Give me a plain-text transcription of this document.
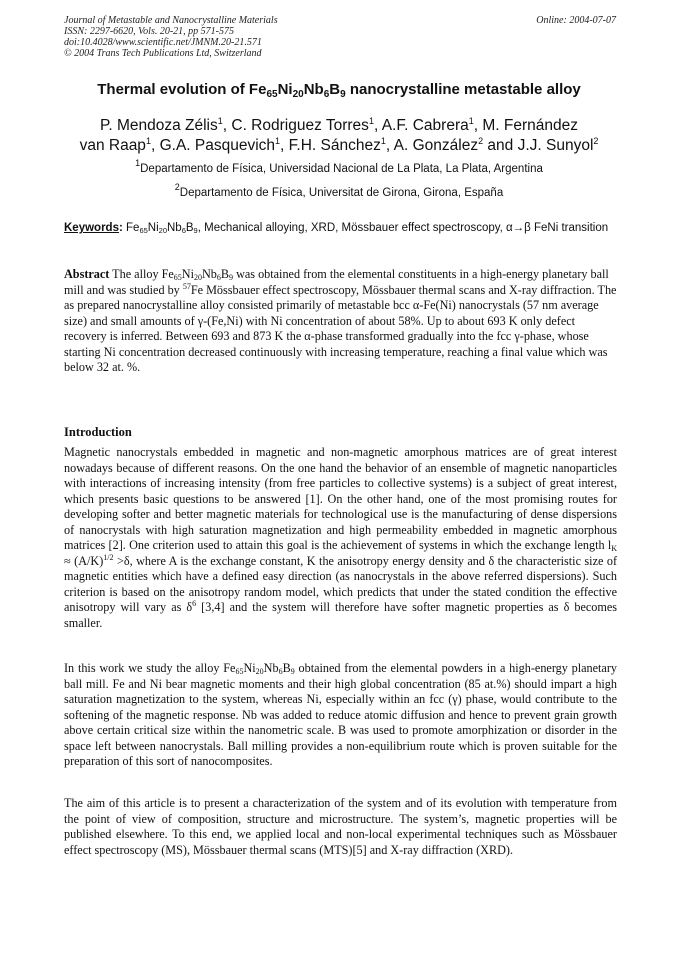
Journal of Metastable and Nanocrystalline Materials
ISSN: 2297-6620, Vols. 20-21, pp 571-575
doi:10.4028/www.scientific.net/JMNM.20-21.571
© 2004 Trans Tech Publications Ltd, Switzerland
Online: 2004-07-07
Thermal evolution of $Fe_{65}Ni_{20}Nb_6B_9$ nanocrystalline metastable alloy
P. Mendoza Zélis$^1$, C. Rodriguez Torres$^1$, A.F. Cabrera$^1$, M. Fernández
van Raap$^1$, G.A. Pasquevich$^1$, F.H. Sánchez$^1$, A. González$^2$ and J.J. Sunyol$^2$
$^1$Departamento de Física, Universidad Nacional de La Plata, La Plata, Argentina
$^2$Departamento de Física, Universitat de Girona, Girona, España
Keywords: $Fe_{65}Ni_{20}Nb_6B_9$, Mechanical alloying, XRD, Mössbauer effect spectroscopy, α→β FeNi transition
Abstract The alloy $Fe_{65}Ni_{20}Nb_6B_9$ was obtained from the elemental constituents in a high-energy planetary ball mill and was studied by $^{57}$Fe Mössbauer effect spectroscopy, Mössbauer thermal scans and X-ray diffraction. The as prepared nanocrystalline alloy consisted primarily of metastable bcc α-Fe(Ni) nanocrystals (57 nm average size) and small amounts of γ-(Fe,Ni) with Ni concentration of about 58%. Up to about 693 K only defect recovery is inferred. Between 693 and 873 K the α-phase transformed gradually into the fcc γ-phase, whose starting Ni concentration decreased continuously with increasing temperature, reaching a final value which was below 32 at. %.
Introduction

Magnetic nanocrystals embedded in magnetic and non-magnetic amorphous matrices are of great interest nowadays because of different reasons. On the one hand the behavior of an ensemble of magnetic nanoparticles with interactions of increasing intensity (from free particles to collective systems) is a subject of great interest, which presents basic questions to be answered [1]. On the other hand, one of the most promising routes for developing softer and better magnetic materials for technological use is the manufacturing of dense dispersions of nanocrystals with high saturation magnetization and high permeability embedded in magnetic amorphous matrices [2]. One criterion used to attain this goal is the achievement of systems in which the exchange length $l_K \approx (A/K)^{1/2} >\delta$, where A is the exchange constant, K the anisotropy energy density and δ the characteristic size of magnetic entities which have a defined easy direction (as nanocrystals in the above referred dispersions). Such criterion is based on the anisotropy random model, which predicts that under the stated condition the effective anisotropy will vary as $\delta^6$ [3,4] and the system will therefore have softer magnetic properties as δ becomes smaller.

In this work we study the alloy $Fe_{65}Ni_{20}Nb_6B_9$ obtained from the elemental powders in a high-energy planetary ball mill. Fe and Ni bear magnetic moments and their high global concentration (85 at.%) should impart a high saturation magnetization to the system, whereas Ni, especially within an fcc (γ) phase, would contribute to the softening of the magnetic response. Nb was added to reduce atomic diffusion and hence to prevent grain growth above certain critical size within the nanometric scale. B was used to promote amorphization or disorder in the space left between nanocrystals. Ball milling provides a non-equilibrium route which is proven suitable for the preparation of this sort of nanocomposites.

The aim of this article is to present a characterization of the system and of its evolution with temperature from the point of view of composition, structure and microstructure. The system’s, magnetic properties will be published elsewhere. To this end, we applied local and non-local experimental techniques such as Mössbauer effect spectroscopy (MS), Mössbauer thermal scans (MTS)[5] and X-ray diffraction (XRD).
